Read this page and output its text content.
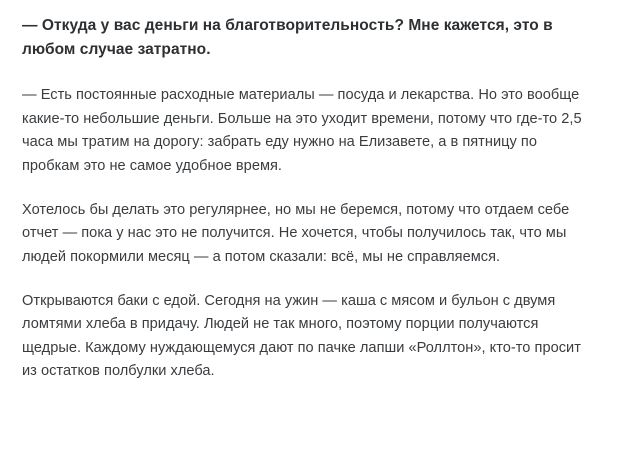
— Откуда у вас деньги на благотворительность? Мне кажется, это в любом случае затратно.

— Есть постоянные расходные материалы — посуда и лекарства. Но это вообще какие-то небольшие деньги. Больше на это уходит времени, потому что где-то 2,5 часа мы тратим на дорогу: забрать еду нужно на Елизавете, а в пятницу по пробкам это не самое удобное время.

Хотелось бы делать это регулярнее, но мы не беремся, потому что отдаем себе отчет — пока у нас это не получится. Не хочется, чтобы получилось так, что мы людей покормили месяц — а потом сказали: всё, мы не справляемся.

Открываются баки с едой. Сегодня на ужин — каша с мясом и бульон с двумя ломтями хлеба в придачу. Людей не так много, поэтому порции получаются щедрые. Каждому нуждающемуся дают по пачке лапши «Роллтон», кто-то просит из остатков полбулки хлеба.
